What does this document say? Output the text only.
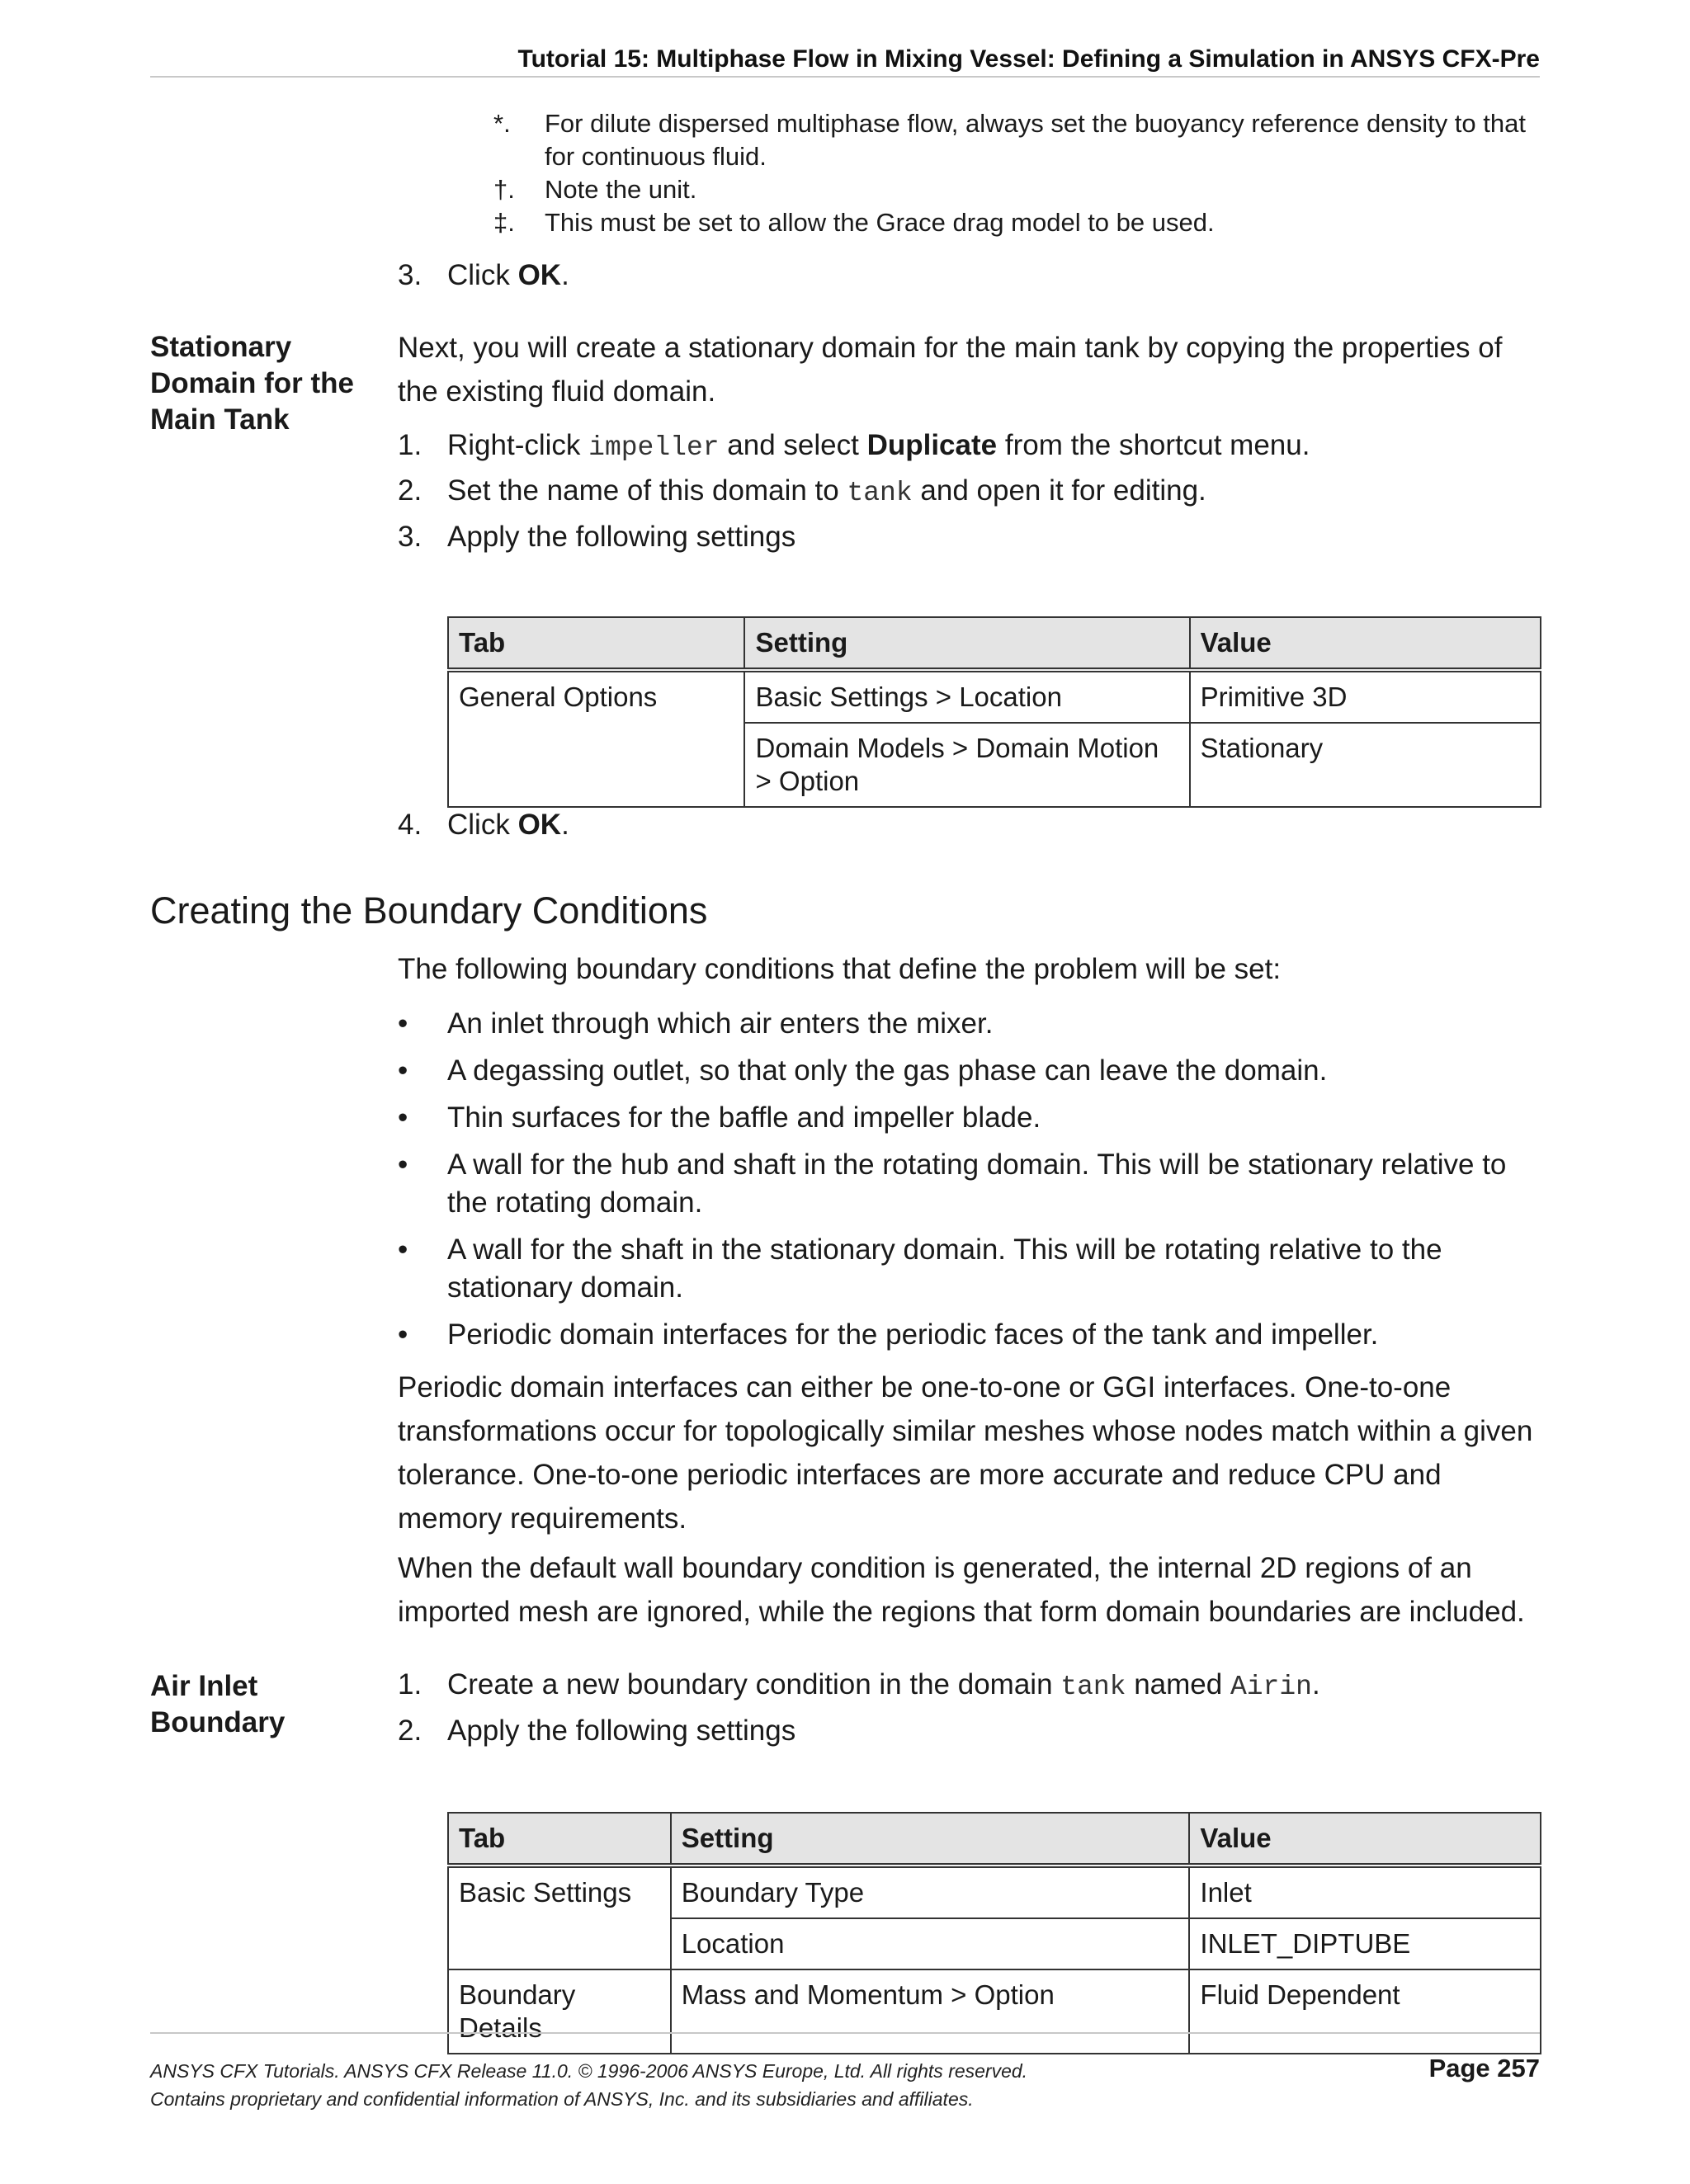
Tutorial 15: Multiphase Flow in Mixing Vessel: Defining a Simulation in ANSYS CFX-Pre
*.	For dilute dispersed multiphase flow, always set the buoyancy reference density to that for continuous fluid.
†.	Note the unit.
‡.	This must be set to allow the Grace drag model to be used.
3. Click OK.
Stationary Domain for the Main Tank
Next, you will create a stationary domain for the main tank by copying the properties of the existing fluid domain.
1. Right-click impeller and select Duplicate from the shortcut menu.
2. Set the name of this domain to tank and open it for editing.
3. Apply the following settings
Tab	Setting	Value
General Options	Basic Settings > Location	Primitive 3D
	Domain Models > Domain Motion > Option	Stationary
4. Click OK.
Creating the Boundary Conditions
The following boundary conditions that define the problem will be set:
•	An inlet through which air enters the mixer.
•	A degassing outlet, so that only the gas phase can leave the domain.
•	Thin surfaces for the baffle and impeller blade.
•	A wall for the hub and shaft in the rotating domain. This will be stationary relative to the rotating domain.
•	A wall for the shaft in the stationary domain. This will be rotating relative to the stationary domain.
•	Periodic domain interfaces for the periodic faces of the tank and impeller.
Periodic domain interfaces can either be one-to-one or GGI interfaces. One-to-one transformations occur for topologically similar meshes whose nodes match within a given tolerance. One-to-one periodic interfaces are more accurate and reduce CPU and memory requirements.
When the default wall boundary condition is generated, the internal 2D regions of an imported mesh are ignored, while the regions that form domain boundaries are included.
Air Inlet Boundary
1. Create a new boundary condition in the domain tank named Airin.
2. Apply the following settings
Tab	Setting	Value
Basic Settings	Boundary Type	Inlet
	Location	INLET_DIPTUBE
Boundary Details	Mass and Momentum > Option	Fluid Dependent
ANSYS CFX Tutorials. ANSYS CFX Release 11.0. © 1996-2006 ANSYS Europe, Ltd. All rights reserved.
Contains proprietary and confidential information of ANSYS, Inc. and its subsidiaries and affiliates.
Page 257
